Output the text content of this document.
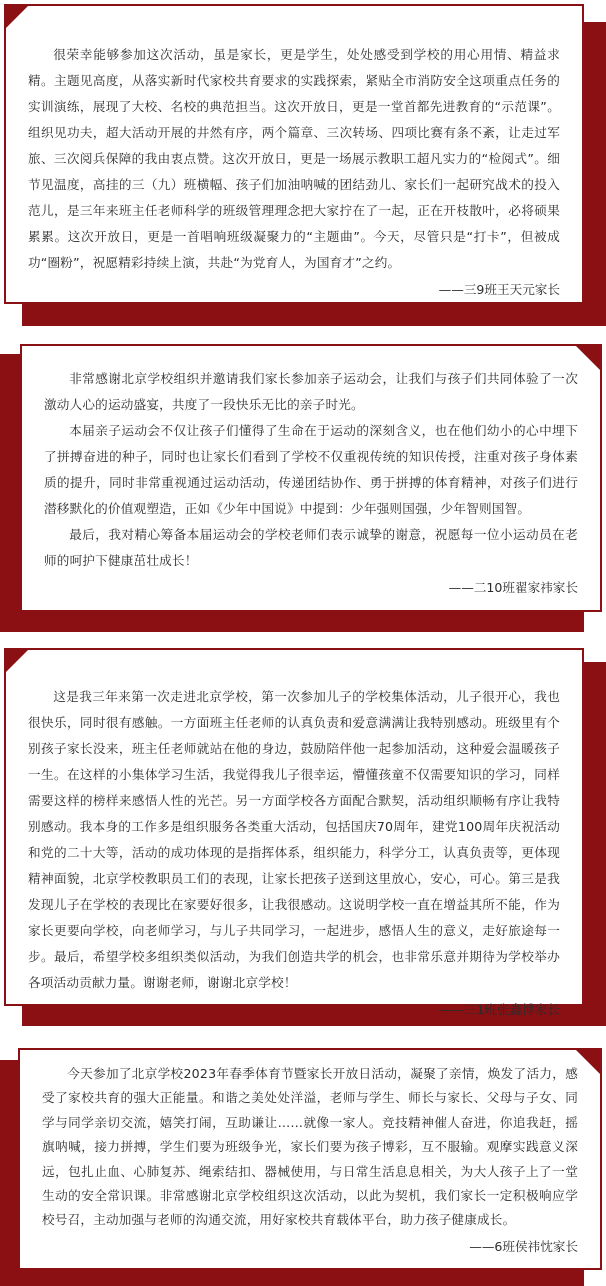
很荣幸能够参加这次活动，虽是家长，更是学生，处处感受到学校的用心用情、精益求精。主题见高度，从落实新时代家校共育要求的实践探索，紧贴全市消防安全这项重点任务的实训演练，展现了大校、名校的典范担当。这次开放日，更是一堂首都先进教育的“示范课”。组织见功夫，超大活动开展的井然有序，两个篇章、三次转场、四项比赛有条不紊，让走过军旅、三次阅兵保障的我由衷点赞。这次开放日，更是一场展示教职工超凡实力的“检阅式”。细节见温度，高挂的三（九）班横幅、孩子们加油呐喊的团结劲儿、家长们一起研究战术的投入范儿，是三年来班主任老师科学的班级管理理念把大家拧在了一起，正在开枝散叶，必将硕果累累。这次开放日，更是一首唱响班级凝聚力的“主题曲”。今天，尽管只是“打卡”，但被成功“圈粉”，祝愿精彩持续上演，共赴“为党育人，为国育才”之约。

——三9班王天元家长

非常感谢北京学校组织并邀请我们家长参加亲子运动会，让我们与孩子们共同体验了一次激动人心的运动盛宴，共度了一段快乐无比的亲子时光。

本届亲子运动会不仅让孩子们懂得了生命在于运动的深刻含义，也在他们幼小的心中埋下了拼搏奋进的种子，同时也让家长们看到了学校不仅重视传统的知识传授，注重对孩子身体素质的提升，同时非常重视通过运动活动，传递团结协作、勇于拼搏的体育精神，对孩子们进行潜移默化的价值观塑造，正如《少年中国说》中提到：少年强则国强，少年智则国智。

最后，我对精心筹备本届运动会的学校老师们表示诚挚的谢意，祝愿每一位小运动员在老师的呵护下健康茁壮成长！

——二10班翟家祎家长

这是我三年来第一次走进北京学校，第一次参加儿子的学校集体活动，儿子很开心，我也很快乐，同时很有感触。一方面班主任老师的认真负责和爱意满满让我特别感动。班级里有个别孩子家长没来，班主任老师就站在他的身边，鼓励陪伴他一起参加活动，这种爱会温暖孩子一生。在这样的小集体学习生活，我觉得我儿子很幸运，懵懂孩童不仅需要知识的学习，同样需要这样的榜样来感悟人性的光芒。另一方面学校各方面配合默契，活动组织顺畅有序让我特别感动。我本身的工作多是组织服务各类重大活动，包括国庆70周年，建党100周年庆祝活动和党的二十大等，活动的成功体现的是指挥体系，组织能力，科学分工，认真负责等，更体现精神面貌，北京学校教职员工们的表现，让家长把孩子送到这里放心，安心，可心。第三是我发现儿子在学校的表现比在家要好很多，让我很感动。这说明学校一直在增益其所不能，作为家长更要向学校，向老师学习，与儿子共同学习，一起进步，感悟人生的意义，走好旅途每一步。最后，希望学校多组织类似活动，为我们创造共学的机会，也非常乐意并期待为学校举办各项活动贡献力量。谢谢老师，谢谢北京学校！

——三1班张鑫博家长

今天参加了北京学校2023年春季体育节暨家长开放日活动，凝聚了亲情，焕发了活力，感受了家校共育的强大正能量。和谐之美处处洋溢，老师与学生、师长与家长、父母与子女、同学与同学亲切交流，嬉笑打闹，互助谦让……就像一家人。竞技精神催人奋进，你追我赶，摇旗呐喊，接力拼搏，学生们要为班级争光，家长们要为孩子博彩，互不服输。观摩实践意义深远，包扎止血、心肺复苏、绳索结扣、器械使用，与日常生活息息相关，为大人孩子上了一堂生动的安全常识课。非常感谢北京学校组织这次活动，以此为契机，我们家长一定积极响应学校号召，主动加强与老师的沟通交流，用好家校共育载体平台，助力孩子健康成长。

——6班侯祎忱家长
